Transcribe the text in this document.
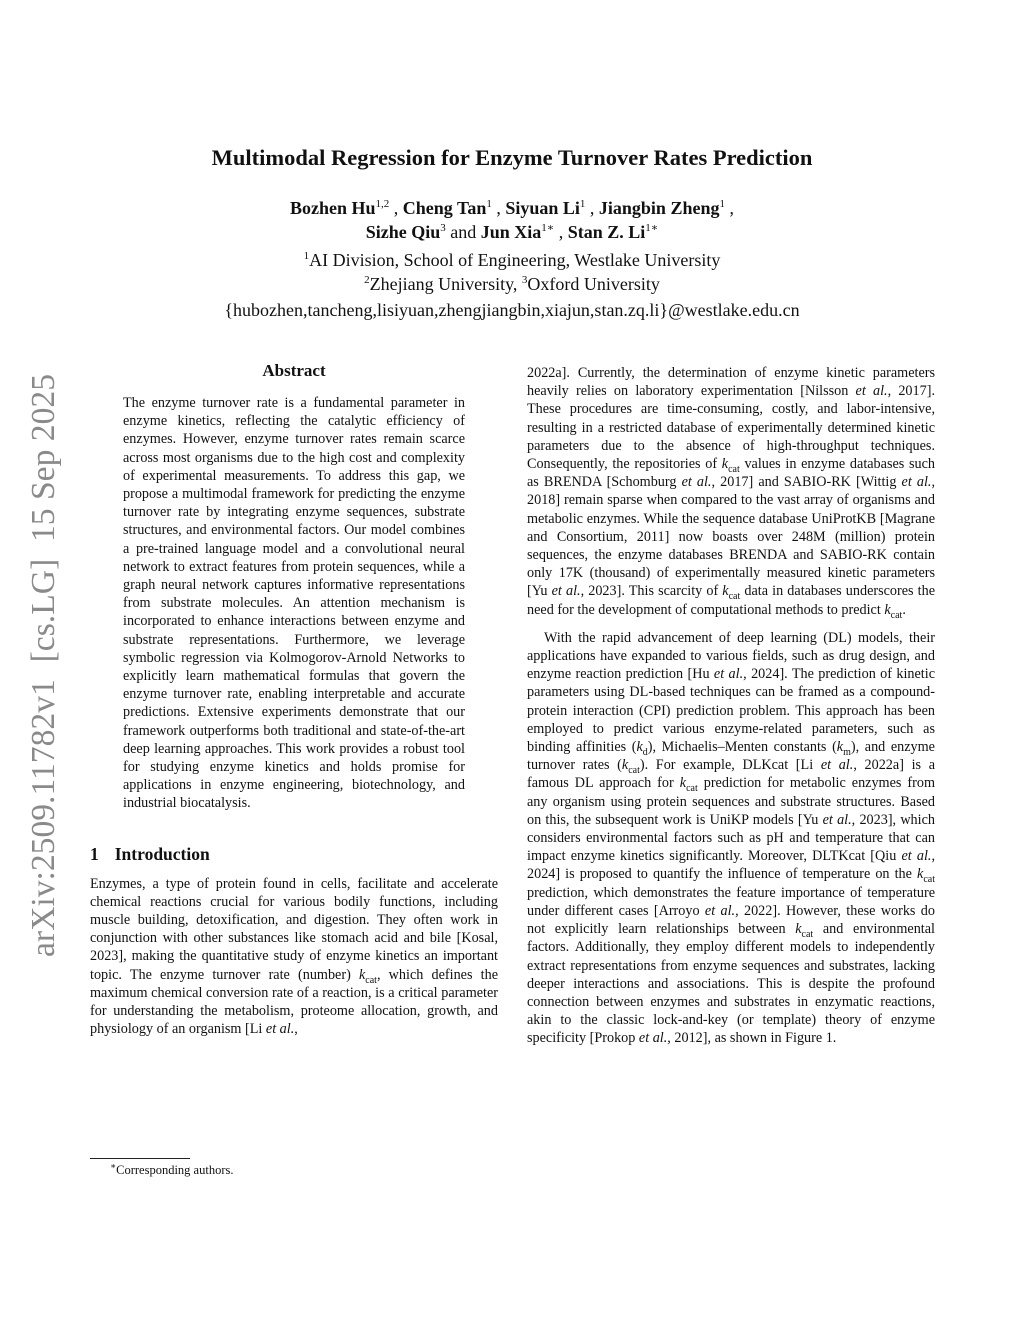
arXiv:2509.11782v1  [cs.LG]  15 Sep 2025
Multimodal Regression for Enzyme Turnover Rates Prediction
Bozhen Hu$^{1,2}$ , Cheng Tan$^1$ , Siyuan Li$^1$ , Jiangbin Zheng$^1$ ,
Sizhe Qiu$^3$ and Jun Xia$^{1∗}$ , Stan Z. $Li^{1∗}$
$^1$AI Division, School of Engineering, Westlake University
$^2$Zhejiang University, $^3$Oxford University
{hubozhen,tancheng,lisiyuan,zhengjiangbin,xiajun,stan.zq.li}@westlake.edu.cn
Abstract

The enzyme turnover rate is a fundamental parameter in enzyme kinetics, reflecting the catalytic efficiency of enzymes. However, enzyme turnover rates remain scarce across most organisms due to the high cost and complexity of experimental measurements. To address this gap, we propose a multimodal framework for predicting the enzyme turnover rate by integrating enzyme sequences, substrate structures, and environmental factors. Our model combines a pre-trained language model and a convolutional neural network to extract features from protein sequences, while a graph neural network captures informative representations from substrate molecules. An attention mechanism is incorporated to enhance interactions between enzyme and substrate representations. Furthermore, we leverage symbolic regression via Kolmogorov-Arnold Networks to explicitly learn mathematical formulas that govern the enzyme turnover rate, enabling interpretable and accurate predictions. Extensive experiments demonstrate that our framework outperforms both traditional and state-of-the-art deep learning approaches. This work provides a robust tool for studying enzyme kinetics and holds promise for applications in enzyme engineering, biotechnology, and industrial biocatalysis.

1 Introduction

Enzymes, a type of protein found in cells, facilitate and accelerate chemical reactions crucial for various bodily functions, including muscle building, detoxification, and digestion. They often work in conjunction with other substances like stomach acid and bile [Kosal, 2023], making the quantitative study of enzyme kinetics an important topic. The enzyme turnover rate (number) $k_{cat}$, which defines the maximum chemical conversion rate of a reaction, is a critical parameter for understanding the metabolism, proteome allocation, growth, and physiology of an organism [Li et al.,

2022a]. Currently, the determination of enzyme kinetic parameters heavily relies on laboratory experimentation [Nilsson et al., 2017]. These procedures are time-consuming, costly, and labor-intensive, resulting in a restricted database of experimentally determined kinetic parameters due to the absence of high-throughput techniques. Consequently, the repositories of $k_{cat}$ values in enzyme databases such as BRENDA [Schomburg et al., 2017] and SABIO-RK [Wittig et al., 2018] remain sparse when compared to the vast array of organisms and metabolic enzymes. While the sequence database UniProtKB [Magrane and Consortium, 2011] now boasts over 248M (million) protein sequences, the enzyme databases BRENDA and SABIO-RK contain only 17K (thousand) of experimentally measured kinetic parameters [Yu et al., 2023]. This scarcity of $k_{cat}$ data in databases underscores the need for the development of computational methods to predict $k_{cat}$.

With the rapid advancement of deep learning (DL) models, their applications have expanded to various fields, such as drug design, and enzyme reaction prediction [Hu et al., 2024]. The prediction of kinetic parameters using DL-based techniques can be framed as a compound-protein interaction (CPI) prediction problem. This approach has been employed to predict various enzyme-related parameters, such as binding affinities $(k_d)$, Michaelis–Menten constants $(k_m)$, and enzyme turnover rates $(k_{cat})$. For example, DLKcat [Li et al., 2022a] is a famous DL approach for $k_{cat}$ prediction for metabolic enzymes from any organism using protein sequences and substrate structures. Based on this, the subsequent work is UniKP models [Yu et al., 2023], which considers environmental factors such as pH and temperature that can impact enzyme kinetics significantly. Moreover, DLTKcat [Qiu et al., 2024] is proposed to quantify the influence of temperature on the $k_{cat}$ prediction, which demonstrates the feature importance of temperature under different cases [Arroyo et al., 2022]. However, these works do not explicitly learn relationships between $k_{cat}$ and environmental factors. Additionally, they employ different models to independently extract representations from enzyme sequences and substrates, lacking deeper interactions and associations. This is despite the profound connection between enzymes and substrates in enzymatic reactions, akin to the classic lock-and-key (or template) theory of enzyme specificity [Prokop et al., 2012], as shown in Figure 1.

∗Corresponding authors.
